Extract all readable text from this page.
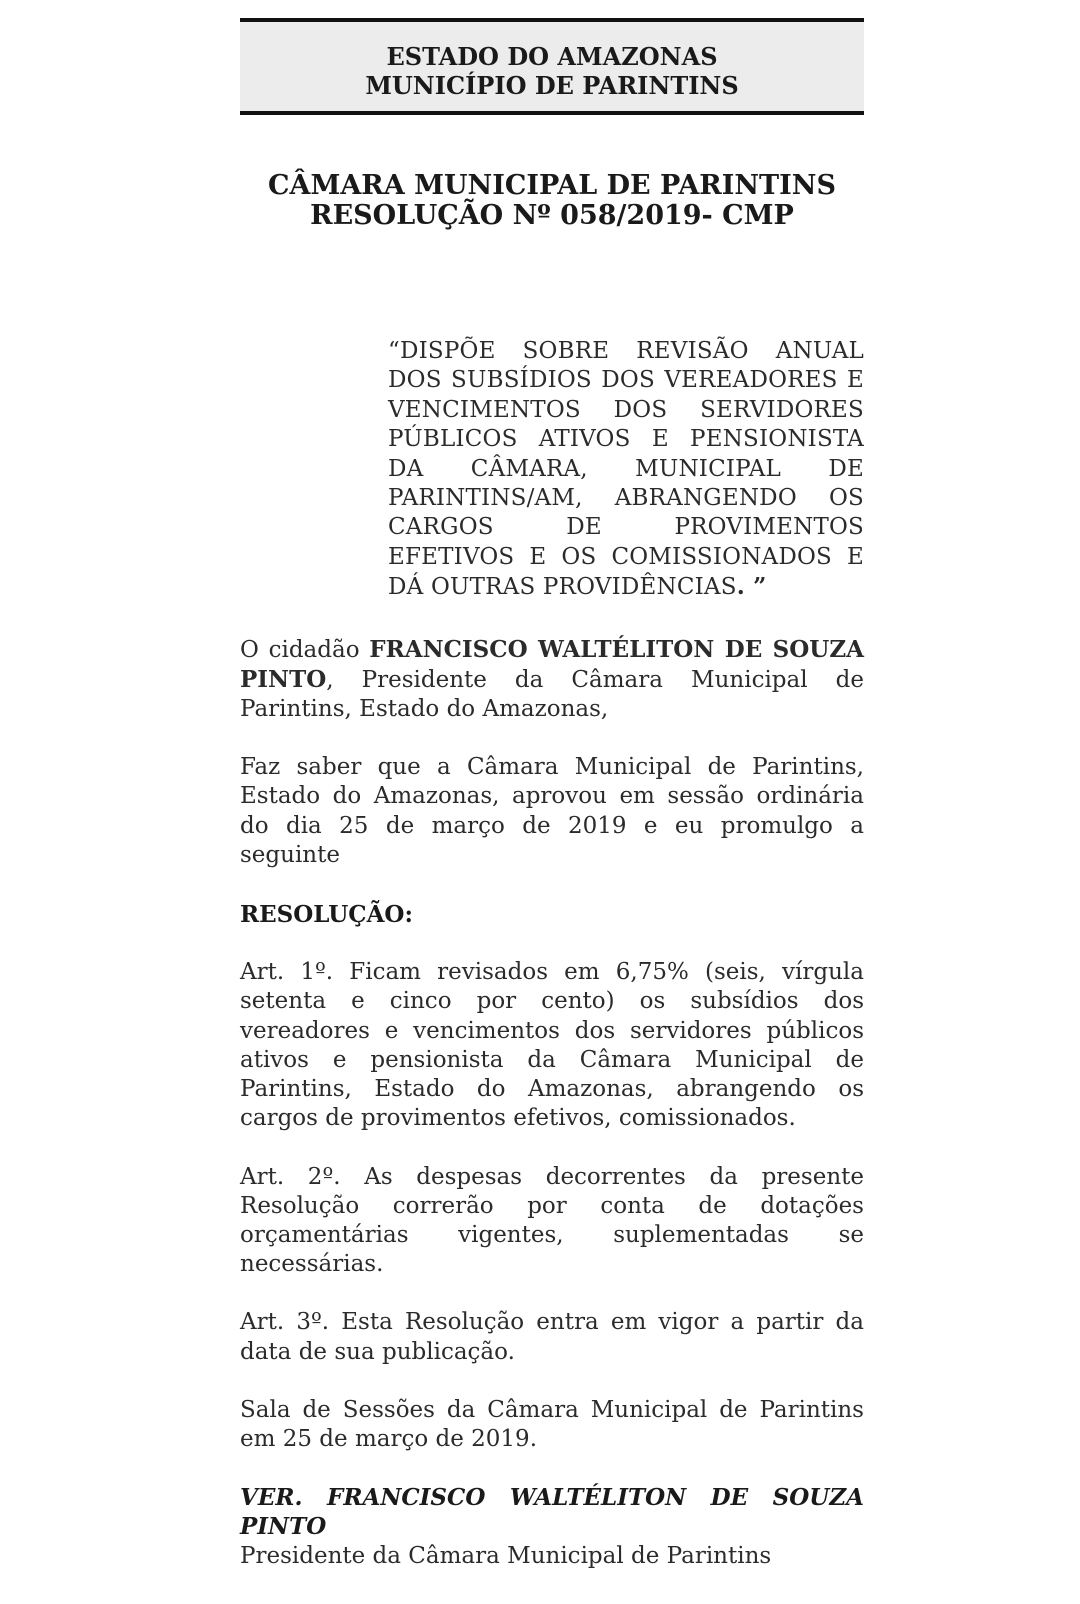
ESTADO DO AMAZONAS
MUNICÍPIO DE PARINTINS
CÂMARA MUNICIPAL DE PARINTINS
RESOLUÇÃO Nº 058/2019- CMP
“DISPÕE SOBRE REVISÃO ANUAL DOS SUBSÍDIOS DOS VEREADORES E VENCIMENTOS DOS SERVIDORES PÚBLICOS ATIVOS E PENSIONISTA DA CÂMARA, MUNICIPAL DE PARINTINS/AM, ABRANGENDO OS CARGOS DE PROVIMENTOS EFETIVOS E OS COMISSIONADOS E DÁ OUTRAS PROVIDÊNCIAS. ”

O cidadão FRANCISCO WALTÉLITON DE SOUZA PINTO, Presidente da Câmara Municipal de Parintins, Estado do Amazonas,

Faz saber que a Câmara Municipal de Parintins, Estado do Amazonas, aprovou em sessão ordinária do dia 25 de março de 2019 e eu promulgo a seguinte

RESOLUÇÃO:

Art. 1º. Ficam revisados em 6,75% (seis, vírgula setenta e cinco por cento) os subsídios dos vereadores e vencimentos dos servidores públicos ativos e pensionista da Câmara Municipal de Parintins, Estado do Amazonas, abrangendo os cargos de provimentos efetivos, comissionados.

Art. 2º. As despesas decorrentes da presente Resolução correrão por conta de dotações orçamentárias vigentes, suplementadas se necessárias.

Art. 3º. Esta Resolução entra em vigor a partir da data de sua publicação.

Sala de Sessões da Câmara Municipal de Parintins em 25 de março de 2019.

VER. FRANCISCO WALTÉLITON DE SOUZA PINTO
Presidente da Câmara Municipal de Parintins
